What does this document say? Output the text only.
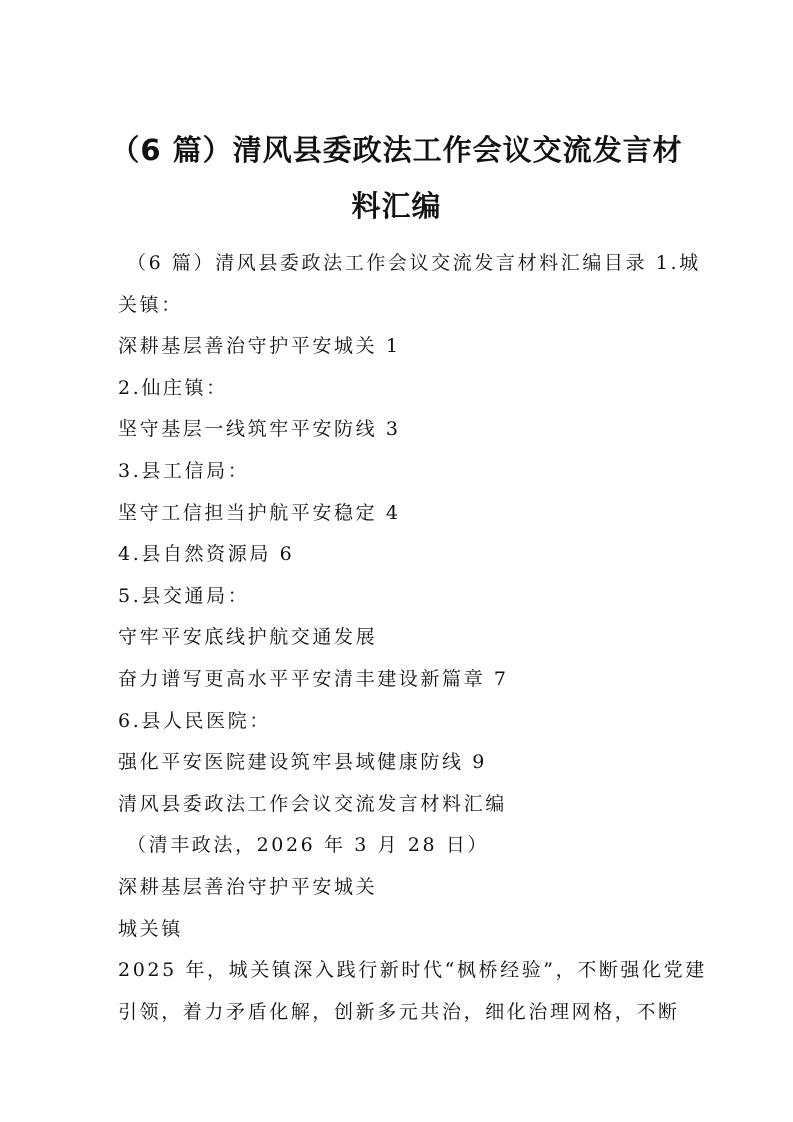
（6 篇）清风县委政法工作会议交流发言材
料汇编
（6 篇）清风县委政法工作会议交流发言材料汇编目录 1.城
关镇：
深耕基层善治守护平安城关 1
2.仙庄镇：
坚守基层一线筑牢平安防线 3
3.县工信局：
坚守工信担当护航平安稳定 4
4.县自然资源局 6
5.县交通局：
守牢平安底线护航交通发展
奋力谱写更高水平平安清丰建设新篇章 7
6.县人民医院：
强化平安医院建设筑牢县域健康防线 9
清风县委政法工作会议交流发言材料汇编
（清丰政法，2026 年 3 月 28 日）
深耕基层善治守护平安城关
城关镇
2025 年，城关镇深入践行新时代“枫桥经验”，不断强化党建
引领，着力矛盾化解，创新多元共治，细化治理网格，不断
